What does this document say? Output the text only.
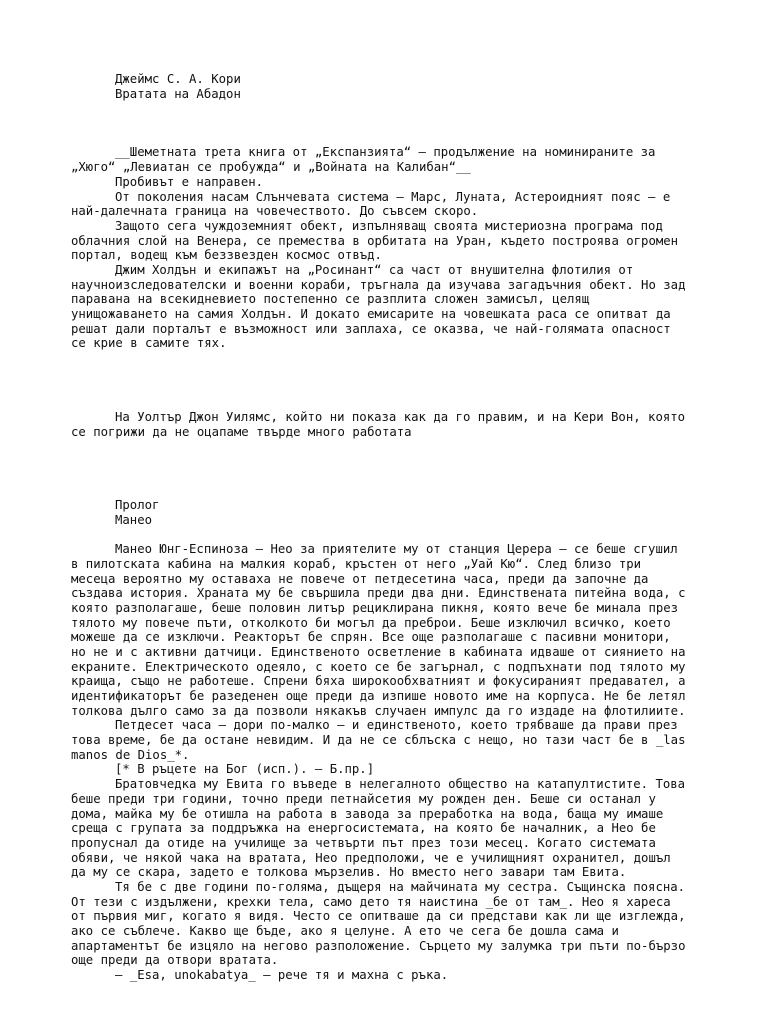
Джеймс С. А. Кори
Вратата на Абадон
__Шеметната трета книга от „Експанзията“ — продължение на номинираните за
„Хюго“ „Левиатан се пробужда“ и „Войната на Калибан“__
Пробивът е направен.
От поколения насам Слънчевата система — Марс, Луната, Астероидният пояс — е
най-далечната граница на човечеството. До съвсем скоро.
Защото сега чуждоземният обект, изпълняващ своята мистериозна програма под
облачния слой на Венера, се премества в орбитата на Уран, където построява огромен
портал, водещ към беззвезден космос отвъд.
Джим Холдън и екипажът на „Росинант“ са част от внушителна флотилия от
научноизследователски и военни кораби, тръгнала да изучава загадъчния обект. Но зад
паравана на всекидневието постепенно се разплита сложен замисъл, целящ
унищожаването на самия Холдън. И докато емисарите на човешката раса се опитват да
решат дали порталът е възможност или заплаха, се оказва, че най-голямата опасност
се крие в самите тях.
На Уолтър Джон Уилямс, който ни показа как да го правим, и на Кери Вон, която
се погрижи да не оцапаме твърде много работата
Пролог
Манео
Манео Юнг-Еспиноза — Нео за приятелите му от станция Церера — се беше сгушил
в пилотската кабина на малкия кораб, кръстен от него „Уай Кю“. След близо три
месеца вероятно му оставаха не повече от петдесетина часа, преди да започне да
създава история. Храната му бе свършила преди два дни. Единствената питейна вода, с
която разполагаше, беше половин литър рециклирана пикня, която вече бе минала през
тялото му повече пъти, отколкото би могъл да преброи. Беше изключил всичко, което
можеше да се изключи. Реакторът бе спрян. Все още разполагаше с пасивни монитори,
но не и с активни датчици. Единственото осветление в кабината идваше от сиянието на
екраните. Електрическото одеяло, с което се бе загърнал, с подпъхнати под тялото му
краища, също не работеше. Спрени бяха широкообхватният и фокусираният предавател, а
идентификаторът бе разеденен още преди да изпише новото име на корпуса. Не бе летял
толкова дълго само за да позволи някакъв случаен импулс да го издаде на флотилиите.
Петдесет часа — дори по-малко — и единственото, което трябваше да прави през
това време, бе да остане невидим. И да не се сблъска с нещо, но тази част бе в _las
manos de Dios_*.
[* В ръцете на Бог (исп.). — Б.пр.]
Братовчедка му Евита го въведе в нелегалното общество на катапултистите. Това
беше преди три години, точно преди петнайсетия му рожден ден. Беше си останал у
дома, майка му бе отишла на работа в завода за преработка на вода, баща му имаше
среща с групата за поддръжка на енергосистемата, на която бе началник, а Нео бе
пропуснал да отиде на училище за четвърти път през този месец. Когато системата
обяви, че някой чака на вратата, Нео предположи, че е училищният охранител, дошъл
да му се скара, задето е толкова мързелив. Но вместо него завари там Евита.
Тя бе с две години по-голяма, дъщеря на майчината му сестра. Същинска поясна.
От тези с издължени, крехки тела, само дето тя наистина _бе от там_. Нео я хареса
от първия миг, когато я видя. Често се опитваше да си представи как ли ще изглежда,
ако се съблече. Какво ще бъде, ако я целуне. А ето че сега бе дошла сама и
апартаментът бе изцяло на негово разположение. Сърцето му залумка три пъти по-бързо
още преди да отвори вратата.
— _Esa, unokabatya_ — рече тя и махна с ръка.
